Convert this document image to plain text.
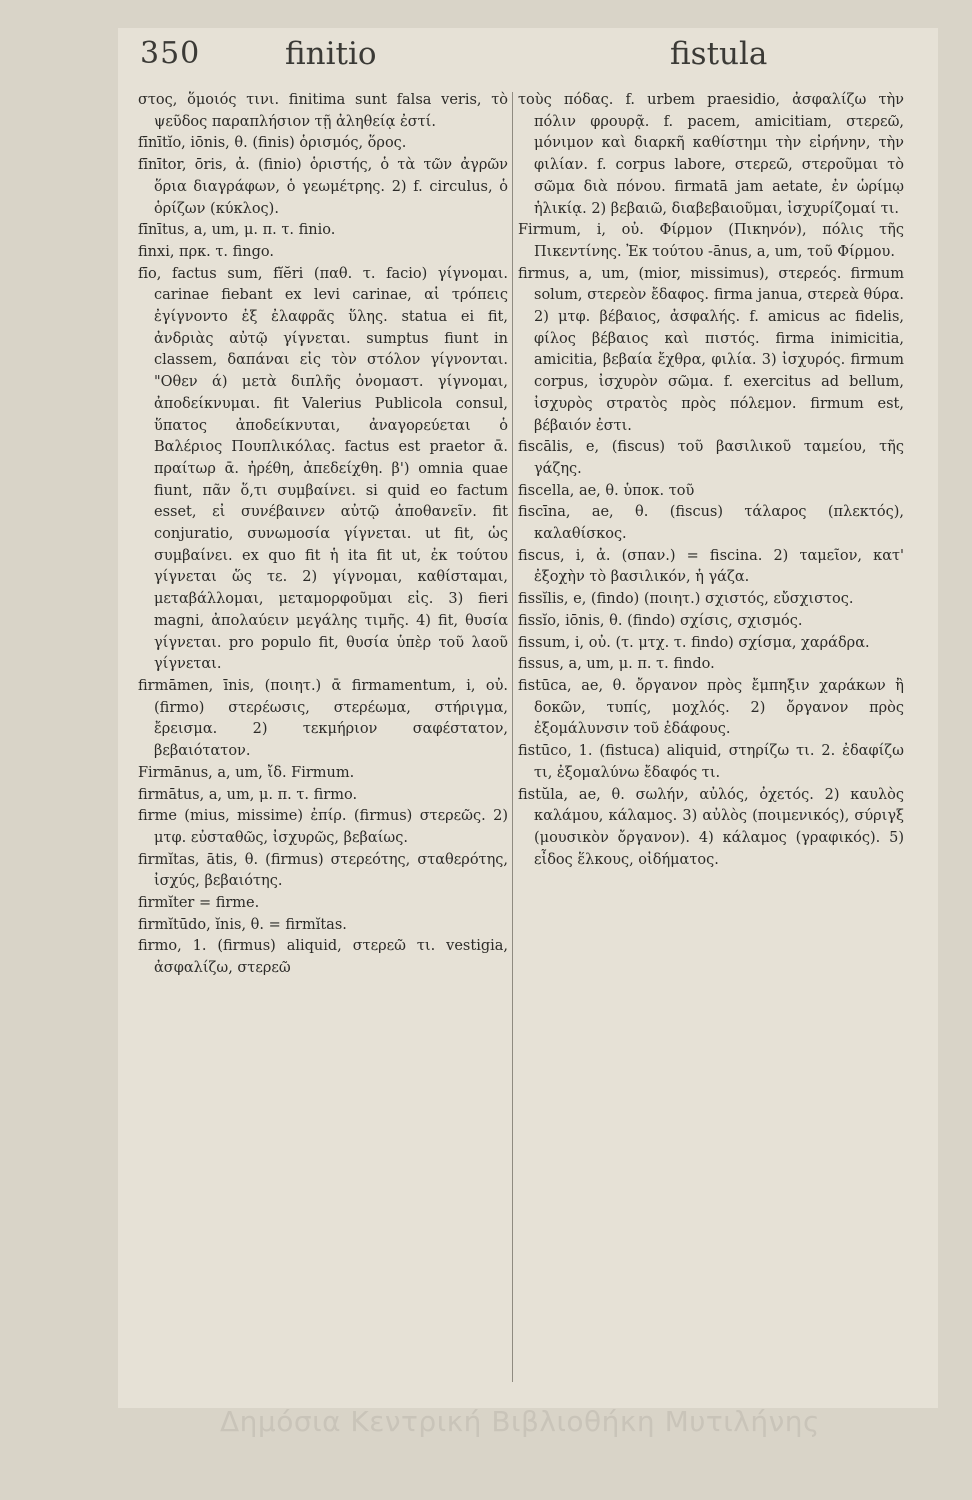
350	finitio	fistula

στος, ὅμοιός τινι. finitima sunt falsa veris, τὸ ψεῦδος παραπλήσιον τῇ ἀληθείᾳ ἐστί.

fīnītĭo, iōnis, θ. (finis) ὁρισμός, ὅρος.

fīnītor, ōris, ἀ. (finio) ὁριστής, ὁ τὰ τῶν ἀγρῶν ὅρια διαγράφων, ὁ γεωμέτρης. 2) f. circulus, ὁ ὁρίζων (κύκλος).

fīnītus, a, um, μ. π. τ. finio.

finxi, πρκ. τ. fingo.

fīo, factus sum, fĭĕri (παθ. τ. facio) γίγνομαι. carinae fiebant ex levi carinae, αἱ τρόπεις ἐγίγνοντο ἐξ ἐλαφρᾶς ὕλης. statua ei fit, ἀνδριὰς αὐτῷ γίγνεται. sumptus fiunt in classem, δαπάναι εἰς τὸν στόλον γίγνονται. "Οθεν ά) μετὰ διπλῆς ὀνομαστ. γίγνομαι, ἀποδείκνυμαι. fit Valerius Publicola consul, ὕπατος ἀποδείκνυται, ἀναγορεύεται ὁ Βαλέριος Πουπλικόλας. factus est praetor ᾱ. πραίτωρ ᾱ. ἠρέθη, ἀπεδείχθη. β') omnia quae fiunt, πᾶν ὅ,τι συμβαίνει. si quid eo factum esset, εἰ συνέβαινεν αὐτῷ ἀποθανεῖν. fit conjuratio, συνωμοσία γίγνεται. ut fit, ὡς συμβαίνει. ex quo fit ἡ ita fit ut, ἐκ τούτου γίγνεται ὥς τε. 2) γίγνομαι, καθίσταμαι, μεταβάλλομαι, μεταμορφοῦμαι εἰς. 3) fieri magni, ἀπολαύειν μεγάλης τιμῆς. 4) fit, θυσία γίγνεται. pro populo fit, θυσία ὑπὲρ τοῦ λαοῦ γίγνεται.

firmāmen, īnis, (ποιητ.) ᾱ firmamentum, i, οὐ. (firmo) στερέωσις, στερέωμα, στήριγμα, ἔρεισμα. 2) τεκμήριον σαφέστατον, βεβαιότατον.

Firmānus, a, um, ἴδ. Firmum.

firmātus, a, um, μ. π. τ. firmo.

firme (mius, missime) ἐπίρ. (firmus) στερεῶς. 2) μτφ. εὐσταθῶς, ἰσχυρῶς, βεβαίως.

firmĭtas, ātis, θ. (firmus) στερεότης, σταθερότης, ἰσχύς, βεβαιότης.

firmĭter = firme.

firmĭtūdo, ĭnis, θ. = firmĭtas.

firmo, 1. (firmus) aliquid, στερεῶ τι. vestigia, ἀσφαλίζω, στερεῶ

τοὺς πόδας. f. urbem praesidio, ἀσφαλίζω τὴν πόλιν φρουρᾷ. f. pacem, amicitiam, στερεῶ, μόνιμον καὶ διαρκῆ καθίστημι τὴν εἰρήνην, τὴν φιλίαν. f. corpus labore, στερεῶ, στεροῦμαι τὸ σῶμα διὰ πόνου. firmatā jam aetate, ἐν ὡρίμῳ ἡλικίᾳ. 2) βεβαιῶ, διαβεβαιοῦμαι, ἰσχυρίζομαί τι.

Firmum, i, οὐ. Φίρμον (Πικηνόν), πόλις τῆς Πικεντίνης. Ἐκ τούτου -ānus, a, um, τοῦ Φίρμου.

firmus, a, um, (mior, missimus), στερεός. firmum solum, στερεὸν ἔδαφος. firma janua, στερεὰ θύρα. 2) μτφ. βέβαιος, ἀσφαλής. f. amicus ac fidelis, φίλος βέβαιος καὶ πιστός. firma inimicitia, amicitia, βεβαία ἔχθρα, φιλία. 3) ἰσχυρός. firmum corpus, ἰσχυρὸν σῶμα. f. exercitus ad bellum, ἰσχυρὸς στρατὸς πρὸς πόλεμον. firmum est, βέβαιόν ἐστι.

fiscālis, e, (fiscus) τοῦ βασιλικοῦ ταμείου, τῆς γάζης.

fiscella, ae, θ. ὑποκ. τοῦ

fiscīna, ae, θ. (fiscus) τάλαρος (πλεκτός), καλαθίσκος.

fiscus, i, ἀ. (σπαν.) = fiscina. 2) ταμεῖον, κατ' ἐξοχὴν τὸ βασιλικόν, ἡ γάζα.

fissĭlis, e, (findo) (ποιητ.) σχιστός, εὔσχιστος.

fissĭo, iōnis, θ. (findo) σχίσις, σχισμός.

fissum, i, οὐ. (τ. μτχ. τ. findo) σχίσμα, χαράδρα.

fissus, a, um, μ. π. τ. findo.

fistūca, ae, θ. ὄργανον πρὸς ἔμπηξιν χαράκων ἢ δοκῶν, τυπίς, μοχλός. 2) ὄργανον πρὸς ἐξομάλυνσιν τοῦ ἐδάφους.

fistūco, 1. (fistuca) aliquid, στηρίζω τι. 2. ἐδαφίζω τι, ἐξομαλύνω ἔδαφός τι.

fistŭla, ae, θ. σωλήν, αὐλός, ὀχετός. 2) καυλὸς καλάμου, κάλαμος. 3) αὐλὸς (ποιμενικός), σύριγξ (μουσικὸν ὄργανον). 4) κάλαμος (γραφικός). 5) εἶδος ἕλκους, οἰδήματος.

Δημόσια Κεντρική Βιβλιοθήκη Μυτιλήνης
